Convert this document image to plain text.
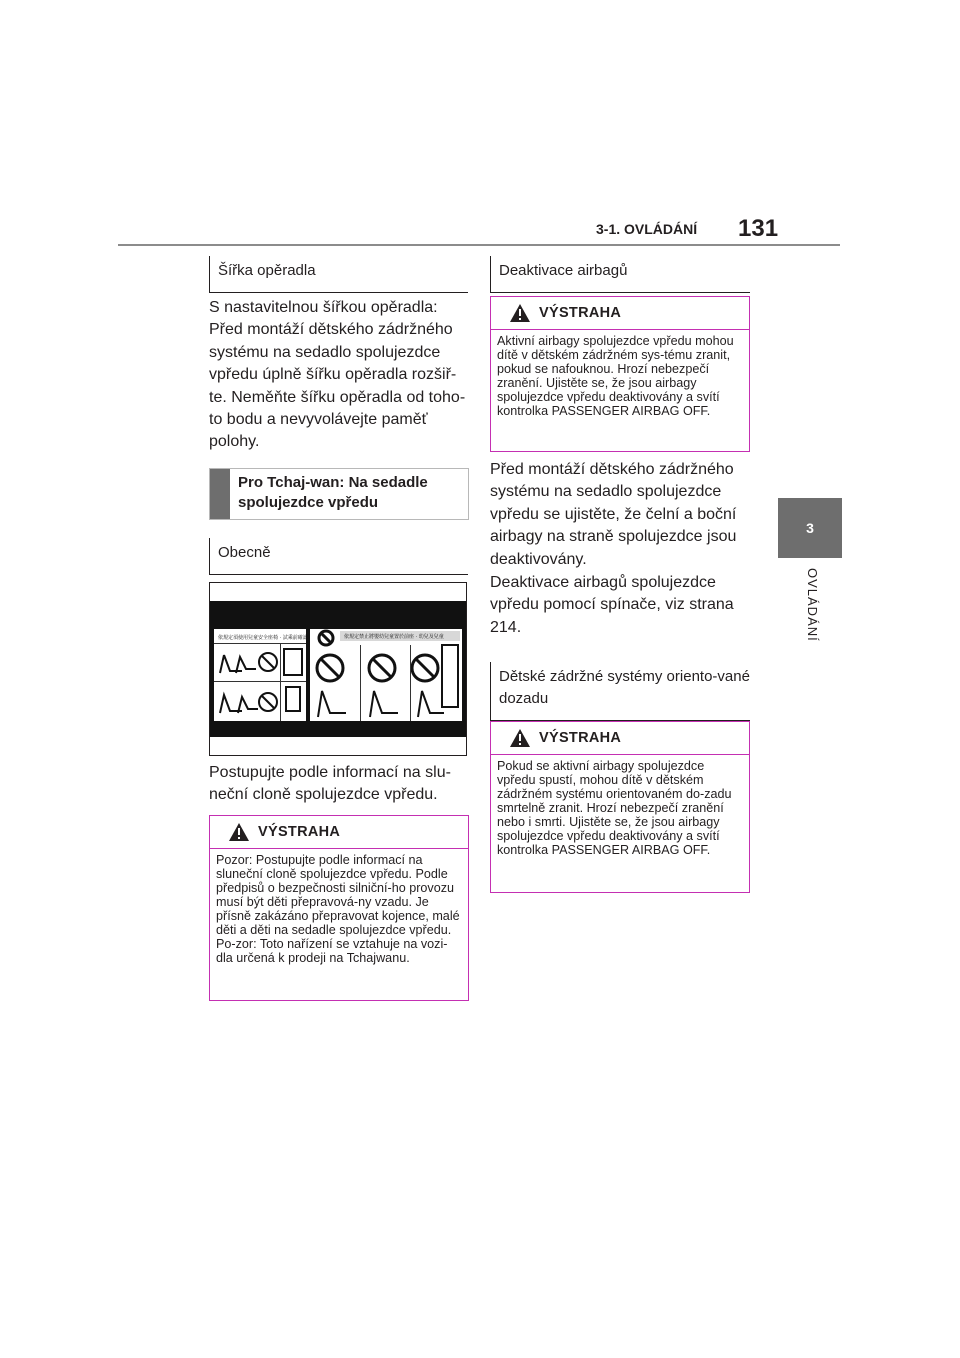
3-1. OVLÁDÁNÍ 131
3
OVLÁDÁNÍ
Šířka opěradla
S nastavitelnou šířkou opěradla: Před montáží dětského zádržného systému na sedadlo spolujezdce vpředu úplně šířku opěradla rozšiř-te. Neměňte šířku opěradla od toho-to bodu a nevyvolávejte paměť polohy.
Pro Tchaj-wan: Na sedadle spolujezdce vpředu
Obecně
依規定須使用兒童安全座椅 · 試乘前確認	依規定禁止將嬰幼兒童置於前座 · 幼兒及兒童
Postupujte podle informací na slu-neční cloně spolujezdce vpředu.
VÝSTRAHA
Pozor: Postupujte podle informací na sluneční cloně spolujezdce vpředu. Podle předpisů o bezpečnosti silniční-ho provozu musí být děti přepravová-ny vzadu. Je přísně zakázáno přepravovat kojence, malé děti a děti na sedadle spolujezdce vpředu. Po-zor: Toto nařízení se vztahuje na vozi-dla určená k prodeji na Tchajwanu.
Deaktivace airbagů
VÝSTRAHA
Aktivní airbagy spolujezdce vpředu mohou dítě v dětském zádržném sys-tému zranit, pokud se nafouknou. Hrozí nebezpečí zranění. Ujistěte se, že jsou airbagy spolujezdce vpředu deaktivovány a svítí kontrolka PASSENGER AIRBAG OFF.
Před montáží dětského zádržného systému na sedadlo spolujezdce vpředu se ujistěte, že čelní a boční airbagy na straně spolujezdce jsou deaktivovány.
Deaktivace airbagů spolujezdce vpředu pomocí spínače, viz strana 214.
Dětské zádržné systémy oriento-vané dozadu
VÝSTRAHA
Pokud se aktivní airbagy spolujezdce vpředu spustí, mohou dítě v dětském zádržném systému orientovaném do-zadu smrtelně zranit. Hrozí nebezpečí zranění nebo i smrti. Ujistěte se, že jsou airbagy spolujezdce vpředu deaktivovány a svítí kontrolka PASSENGER AIRBAG OFF.
